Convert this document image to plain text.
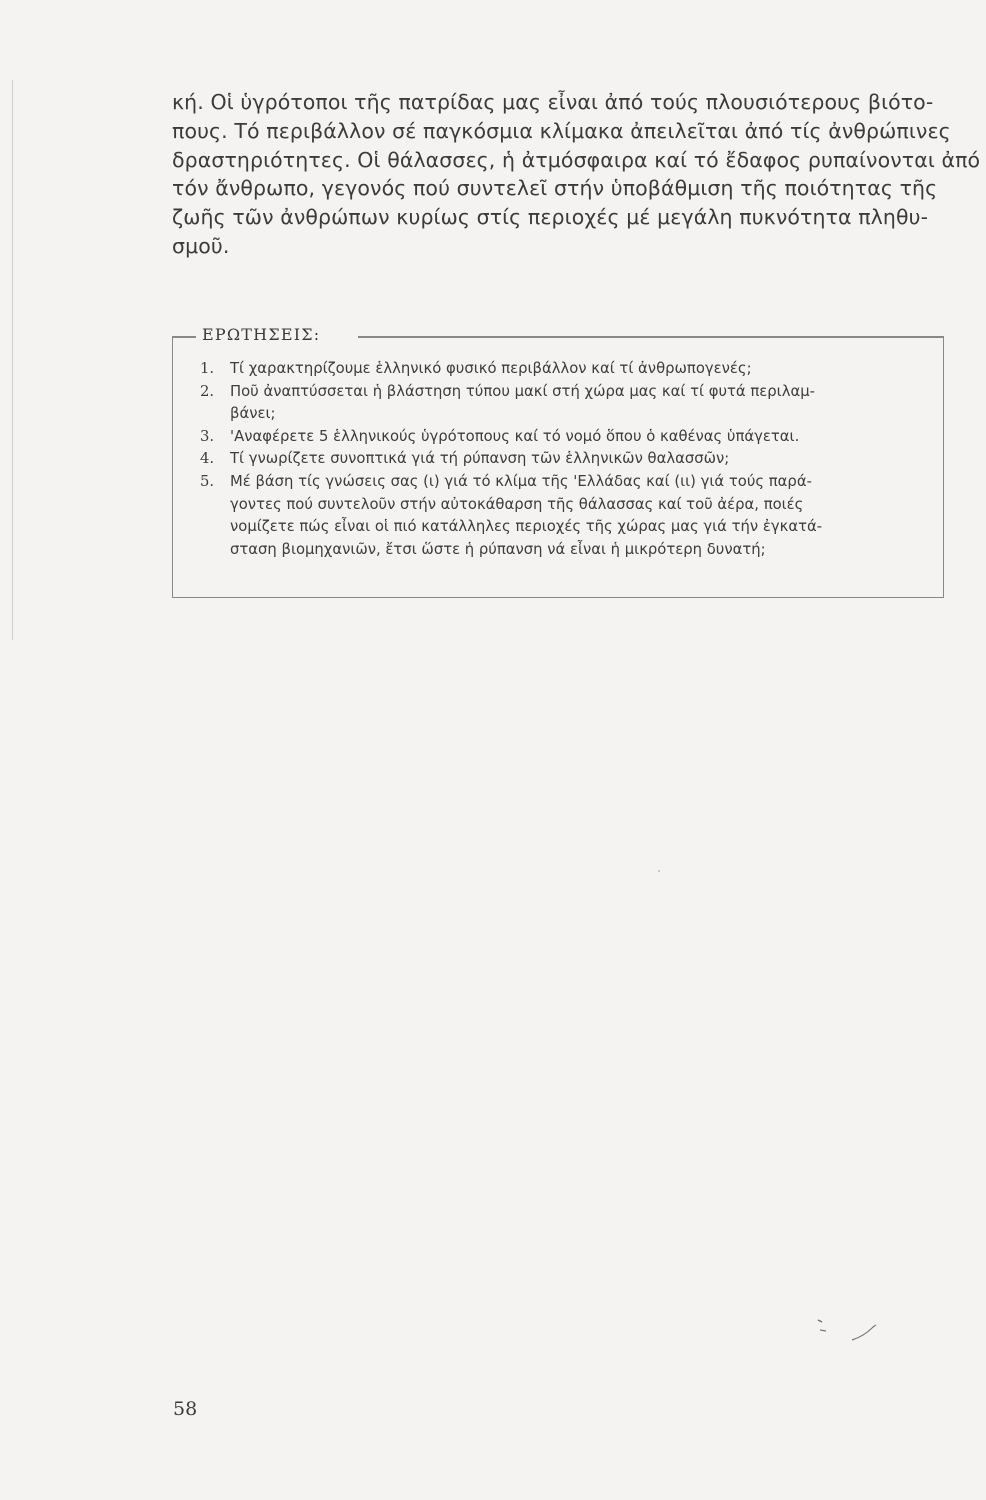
κή. Οἱ ὑγρότοποι τῆς πατρίδας μας εἶναι ἀπό τούς πλουσιότερους βιότο-
πους. Τό περιβάλλον σέ παγκόσμια κλίμακα ἀπειλεῖται ἀπό τίς ἀνθρώπινες
δραστηριότητες. Οἱ θάλασσες, ἡ ἀτμόσφαιρα καί τό ἔδαφος ρυπαίνονται ἀπό
τόν ἄνθρωπο, γεγονός πού συντελεῖ στήν ὑποβάθμιση τῆς ποιότητας τῆς
ζωῆς τῶν ἀνθρώπων κυρίως στίς περιοχές μέ μεγάλη πυκνότητα πληθυ-
σμοῦ.

ΕΡΩΤΗΣΕΙΣ:
1. Τί χαρακτηρίζουμε ἑλληνικό φυσικό περιβάλλον καί τί ἀνθρωπογενές;
2. Ποῦ ἀναπτύσσεται ἡ βλάστηση τύπου μακί στή χώρα μας καί τί φυτά περιλαμ-
βάνει;
3. 'Αναφέρετε 5 ἑλληνικούς ὑγρότοπους καί τό νομό ὅπου ὁ καθένας ὑπάγεται.
4. Τί γνωρίζετε συνοπτικά γιά τή ρύπανση τῶν ἑλληνικῶν θαλασσῶν;
5. Μέ βάση τίς γνώσεις σας (ι) γιά τό κλίμα τῆς 'Ελλάδας καί (ιι) γιά τούς παρά-
γοντες πού συντελοῦν στήν αὐτοκάθαρση τῆς θάλασσας καί τοῦ ἀέρα, ποιές
νομίζετε πώς εἶναι οἱ πιό κατάλληλες περιοχές τῆς χώρας μας γιά τήν ἐγκατά-
σταση βιομηχανιῶν, ἔτσι ὥστε ἡ ρύπανση νά εἶναι ἡ μικρότερη δυνατή;
58
